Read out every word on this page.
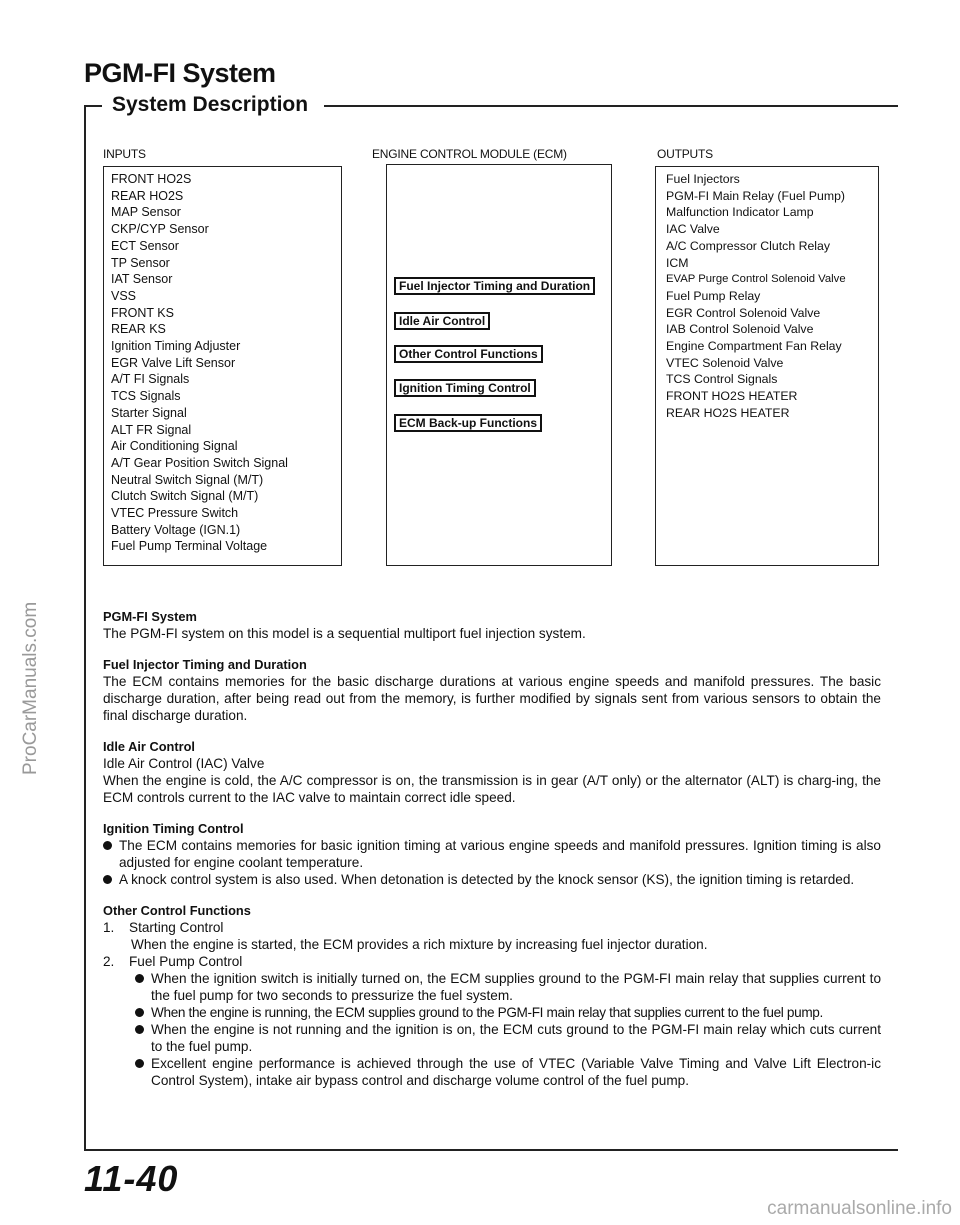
PGM-FI System
System Description
INPUTS	ENGINE CONTROL MODULE (ECM)	OUTPUTS
FRONT HO2S
REAR HO2S
MAP Sensor
CKP/CYP Sensor
ECT Sensor
TP Sensor
IAT Sensor
VSS
FRONT KS
REAR KS
Ignition Timing Adjuster
EGR Valve Lift Sensor
A/T FI Signals
TCS Signals
Starter Signal
ALT FR Signal
Air Conditioning Signal
A/T Gear Position Switch Signal
Neutral Switch Signal (M/T)
Clutch Switch Signal (M/T)
VTEC Pressure Switch
Battery Voltage (IGN.1)
Fuel Pump Terminal Voltage
Fuel Injector Timing and Duration
Idle Air Control
Other Control Functions
Ignition Timing Control
ECM Back-up Functions
Fuel Injectors
PGM-FI Main Relay (Fuel Pump)
Malfunction Indicator Lamp
IAC Valve
A/C Compressor Clutch Relay
ICM
EVAP Purge Control Solenoid Valve
Fuel Pump Relay
EGR Control Solenoid Valve
IAB Control Solenoid Valve
Engine Compartment Fan Relay
VTEC Solenoid Valve
TCS Control Signals
FRONT HO2S HEATER
REAR HO2S HEATER
PGM-FI System

The PGM-FI system on this model is a sequential multiport fuel injection system.

Fuel Injector Timing and Duration

The ECM contains memories for the basic discharge durations at various engine speeds and manifold pressures. The basic discharge duration, after being read out from the memory, is further modified by signals sent from various sensors to obtain the final discharge duration.

Idle Air Control

Idle Air Control (IAC) Valve

When the engine is cold, the A/C compressor is on, the transmission is in gear (A/T only) or the alternator (ALT) is charg-ing, the ECM controls current to the IAC valve to maintain correct idle speed.

Ignition Timing Control

The ECM contains memories for basic ignition timing at various engine speeds and manifold pressures. Ignition timing is also adjusted for engine coolant temperature.

A knock control system is also used. When detonation is detected by the knock sensor (KS), the ignition timing is retarded.

Other Control Functions

1. Starting Control

When the engine is started, the ECM provides a rich mixture by increasing fuel injector duration.

2. Fuel Pump Control

When the ignition switch is initially turned on, the ECM supplies ground to the PGM-FI main relay that supplies current to the fuel pump for two seconds to pressurize the fuel system.

When the engine is running, the ECM supplies ground to the PGM-FI main relay that supplies current to the fuel pump.

When the engine is not running and the ignition is on, the ECM cuts ground to the PGM-FI main relay which cuts current to the fuel pump.

Excellent engine performance is achieved through the use of VTEC (Variable Valve Timing and Valve Lift Electron-ic Control System), intake air bypass control and discharge volume control of the fuel pump.

11-40
carmanualsonline.info
ProCarManuals.com
